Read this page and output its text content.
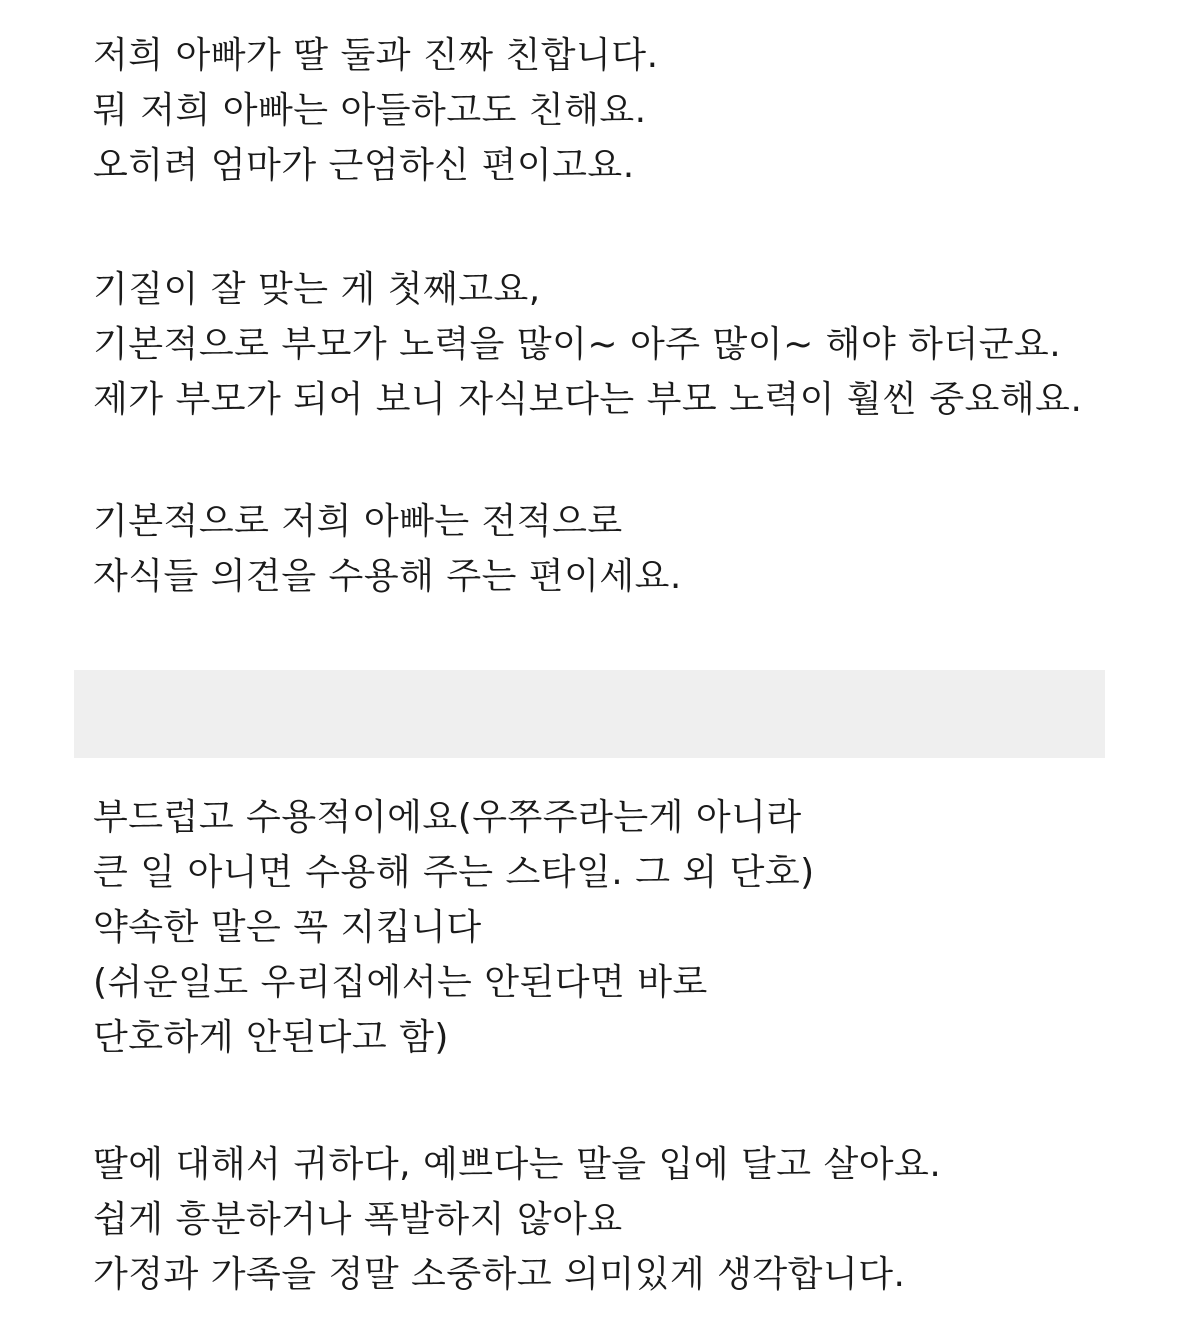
저희 아빠가 딸 둘과 진짜 친합니다.
뭐 저희 아빠는 아들하고도 친해요.
오히려 엄마가 근엄하신 편이고요.
기질이 잘 맞는 게 첫째고요,
기본적으로 부모가 노력을 많이~ 아주 많이~ 해야 하더군요.
제가 부모가 되어 보니 자식보다는 부모 노력이 훨씬 중요해요.
기본적으로 저희 아빠는 전적으로
자식들 의견을 수용해 주는 편이세요.
부드럽고 수용적이에요(우쭈주라는게 아니라
큰 일 아니면 수용해 주는 스타일. 그 외 단호)
약속한 말은 꼭 지킵니다
(쉬운일도 우리집에서는 안된다면 바로
단호하게 안된다고 함)
딸에 대해서 귀하다, 예쁘다는 말을 입에 달고 살아요.
쉽게 흥분하거나 폭발하지 않아요
가정과 가족을 정말 소중하고 의미있게 생각합니다.
